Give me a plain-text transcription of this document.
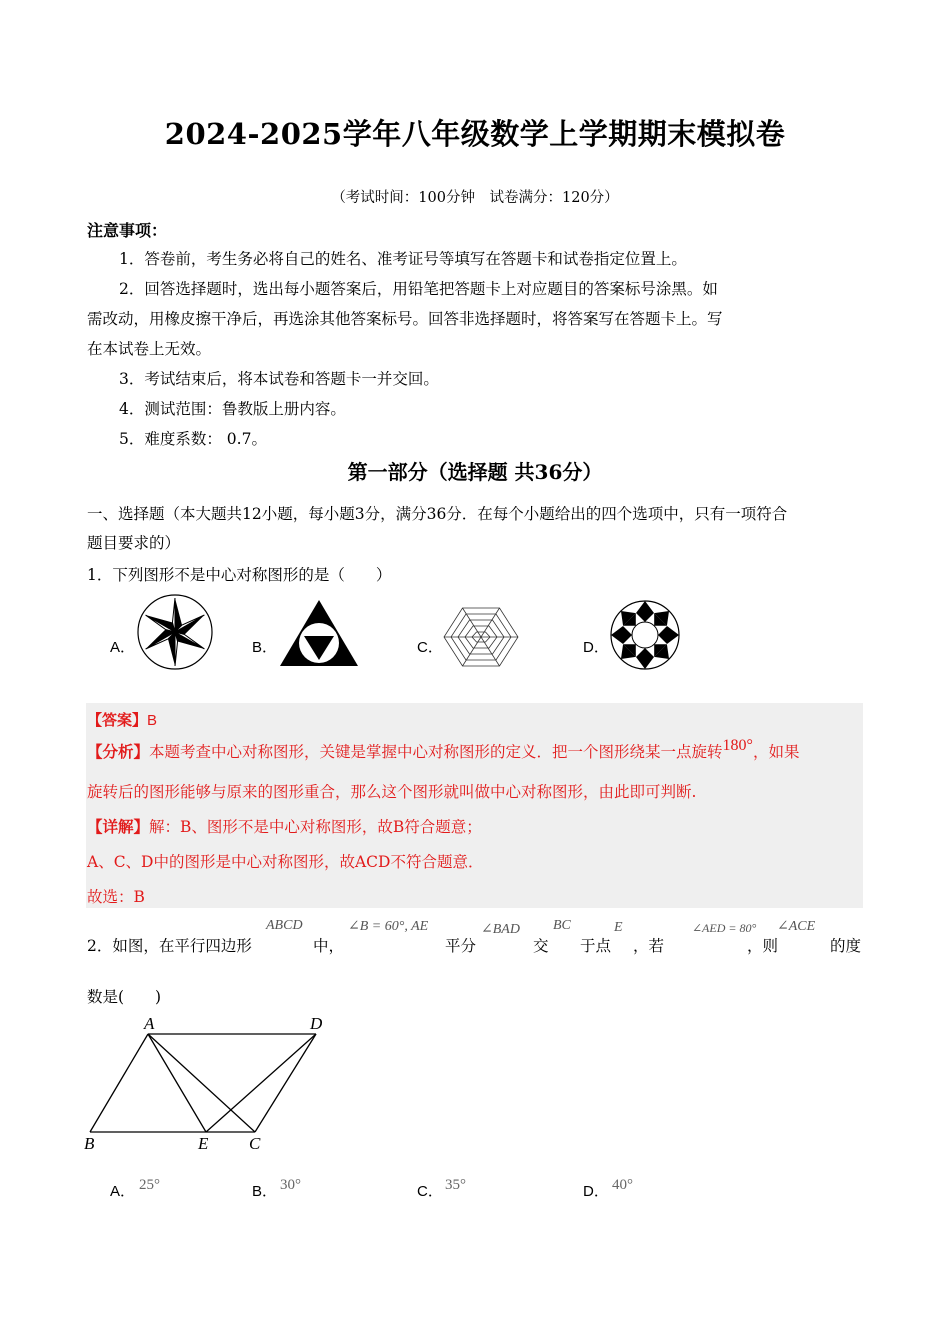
2024-2025学年八年级数学上学期期末模拟卷
（考试时间：100分钟　试卷满分：120分）
注意事项：
1．答卷前，考生务必将自己的姓名、准考证号等填写在答题卡和试卷指定位置上。
2．回答选择题时，选出每小题答案后，用铅笔把答题卡上对应题目的答案标号涂黑。如
需改动，用橡皮擦干净后，再选涂其他答案标号。回答非选择题时，将答案写在答题卡上。写
在本试卷上无效。
3．考试结束后，将本试卷和答题卡一并交回。
4．测试范围：鲁教版上册内容。
5．难度系数： 0.7。
第一部分（选择题 共36分）
一、选择题（本大题共12小题，每小题3分，满分36分．在每个小题给出的四个选项中，只有一项符合
题目要求的）
1．下列图形不是中心对称图形的是（　　）
A．	B．	C．	D．
【答案】B
【分析】本题考查中心对称图形，关键是掌握中心对称图形的定义．把一个图形绕某一点旋转180°，如果
旋转后的图形能够与原来的图形重合，那么这个图形就叫做中心对称图形，由此即可判断.
【详解】解：B、图形不是中心对称图形，故B符合题意；
A、C、D中的图形是中心对称图形，故ACD不符合题意．
故选：B
2．如图，在平行四边形
ABCD
中，
∠B = 60°, AE
平分
∠BAD BC
交 于点
E
，若
∠AED = 80°
，则
∠ACE
的度
数是(　　)
A	D
B	E C
A． 25°	B． 30°	C． 35°	D． 40°
